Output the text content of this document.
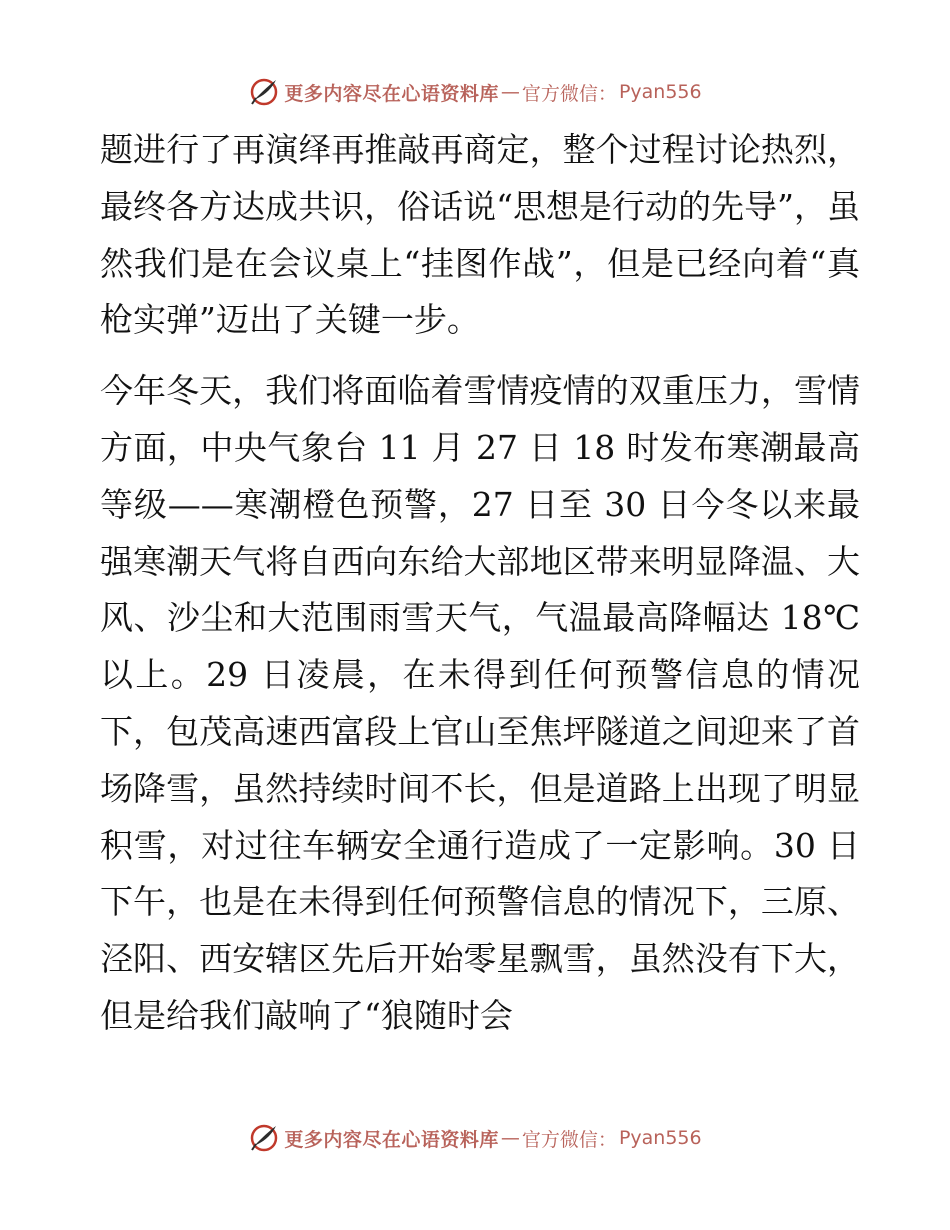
更多内容尽在心语资料库 — 官方微信： Pyan556

题进行了再演绎再推敲再商定，整个过程讨论热烈，最终各方达成共识，俗话说“思想是行动的先导”，虽然我们是在会议桌上“挂图作战”，但是已经向着“真枪实弹”迈出了关键一步。

今年冬天，我们将面临着雪情疫情的双重压力，雪情方面，中央气象台 11 月 27 日 18 时发布寒潮最高等级——寒潮橙色预警，27 日至 30 日今冬以来最强寒潮天气将自西向东给大部地区带来明显降温、大风、沙尘和大范围雨雪天气，气温最高降幅达 18℃以上。29 日凌晨，在未得到任何预警信息的情况下，包茂高速西富段上官山至焦坪隧道之间迎来了首场降雪，虽然持续时间不长，但是道路上出现了明显积雪，对过往车辆安全通行造成了一定影响。30 日下午，也是在未得到任何预警信息的情况下，三原、泾阳、西安辖区先后开始零星飘雪，虽然没有下大，但是给我们敲响了“狼随时会

更多内容尽在心语资料库 — 官方微信： Pyan556
